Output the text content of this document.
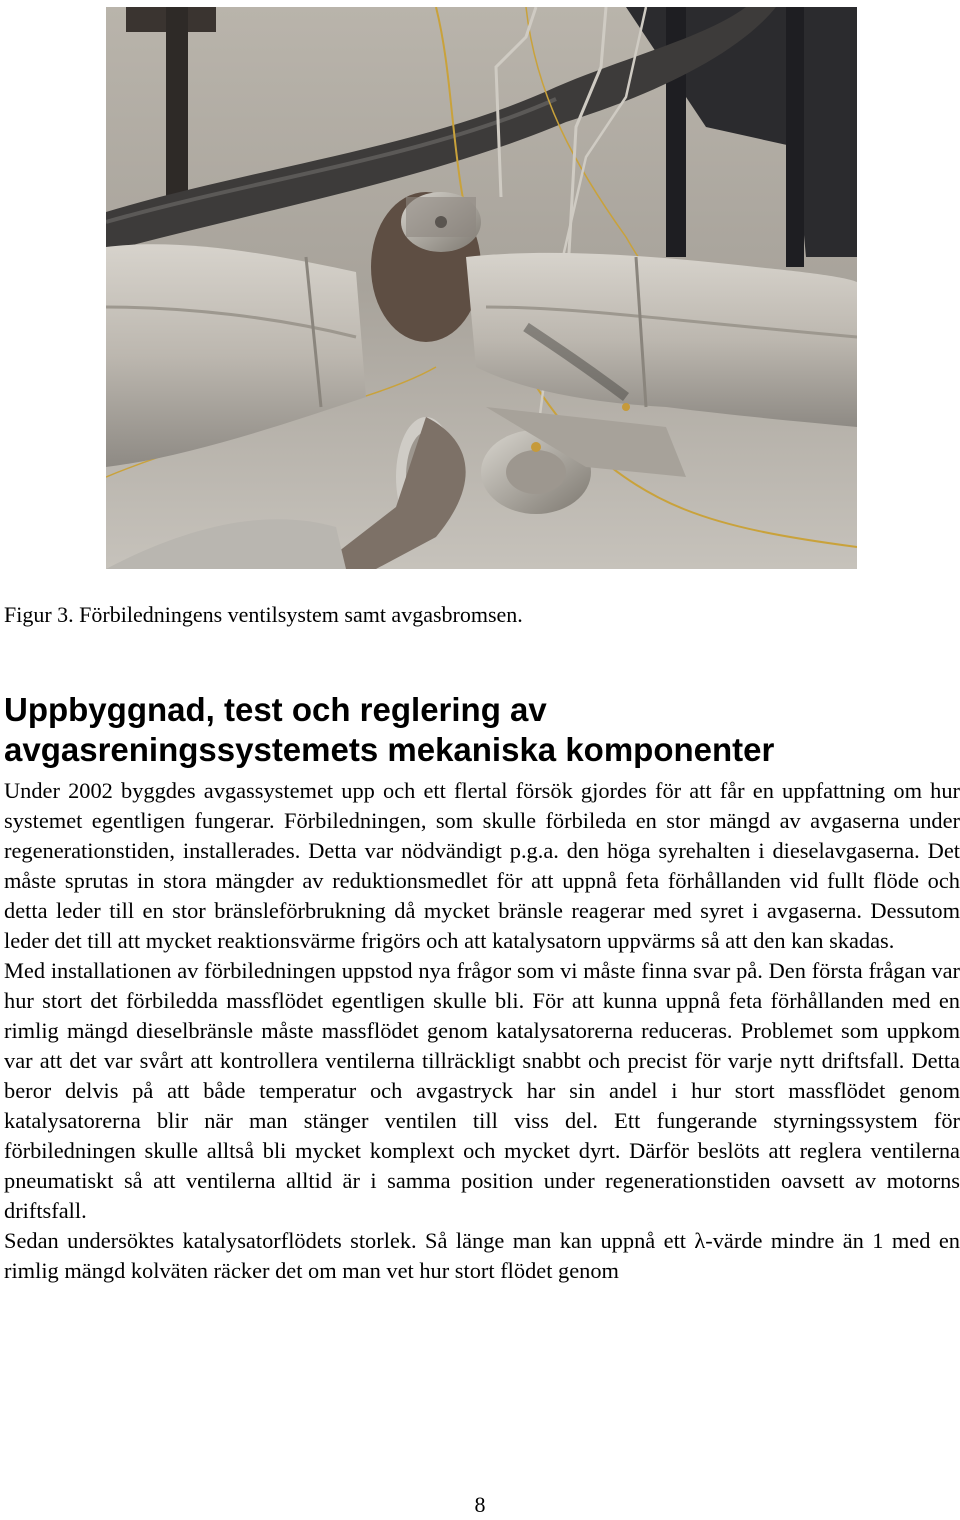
Figur 3. Förbiledningens ventilsystem samt avgasbromsen.
Uppbyggnad, test och reglering av
avgasreningssystemets mekaniska komponenter

Under 2002 byggdes avgassystemet upp och ett flertal försök gjordes för att får en uppfattning om hur systemet egentligen fungerar. Förbiledningen, som skulle förbileda en stor mängd av avgaserna under regenerationstiden, installerades. Detta var nödvändigt p.g.a. den höga syrehalten i dieselavgaserna. Det måste sprutas in stora mängder av reduktionsmedlet för att uppnå feta förhållanden vid fullt flöde och detta leder till en stor bränsleförbrukning då mycket bränsle reagerar med syret i avgaserna. Dessutom leder det till att mycket reaktionsvärme frigörs och att katalysatorn uppvärms så att den kan skadas.

Med installationen av förbiledningen uppstod nya frågor som vi måste finna svar på. Den första frågan var hur stort det förbiledda massflödet egentligen skulle bli. För att kunna uppnå feta förhållanden med en rimlig mängd dieselbränsle måste massflödet genom katalysatorerna reduceras. Problemet som uppkom var att det var svårt att kontrollera ventilerna tillräckligt snabbt och precist för varje nytt driftsfall. Detta beror delvis på att både temperatur och avgastryck har sin andel i hur stort massflödet genom katalysatorerna blir när man stänger ventilen till viss del. Ett fungerande styrningssystem för förbiledningen skulle alltså bli mycket komplext och mycket dyrt. Därför beslöts att reglera ventilerna pneumatiskt så att ventilerna alltid är i samma position under regenerationstiden oavsett av motorns driftsfall.

Sedan undersöktes katalysatorflödets storlek. Så länge man kan uppnå ett λ-värde mindre än 1 med en rimlig mängd kolväten räcker det om man vet hur stort flödet genom

8
